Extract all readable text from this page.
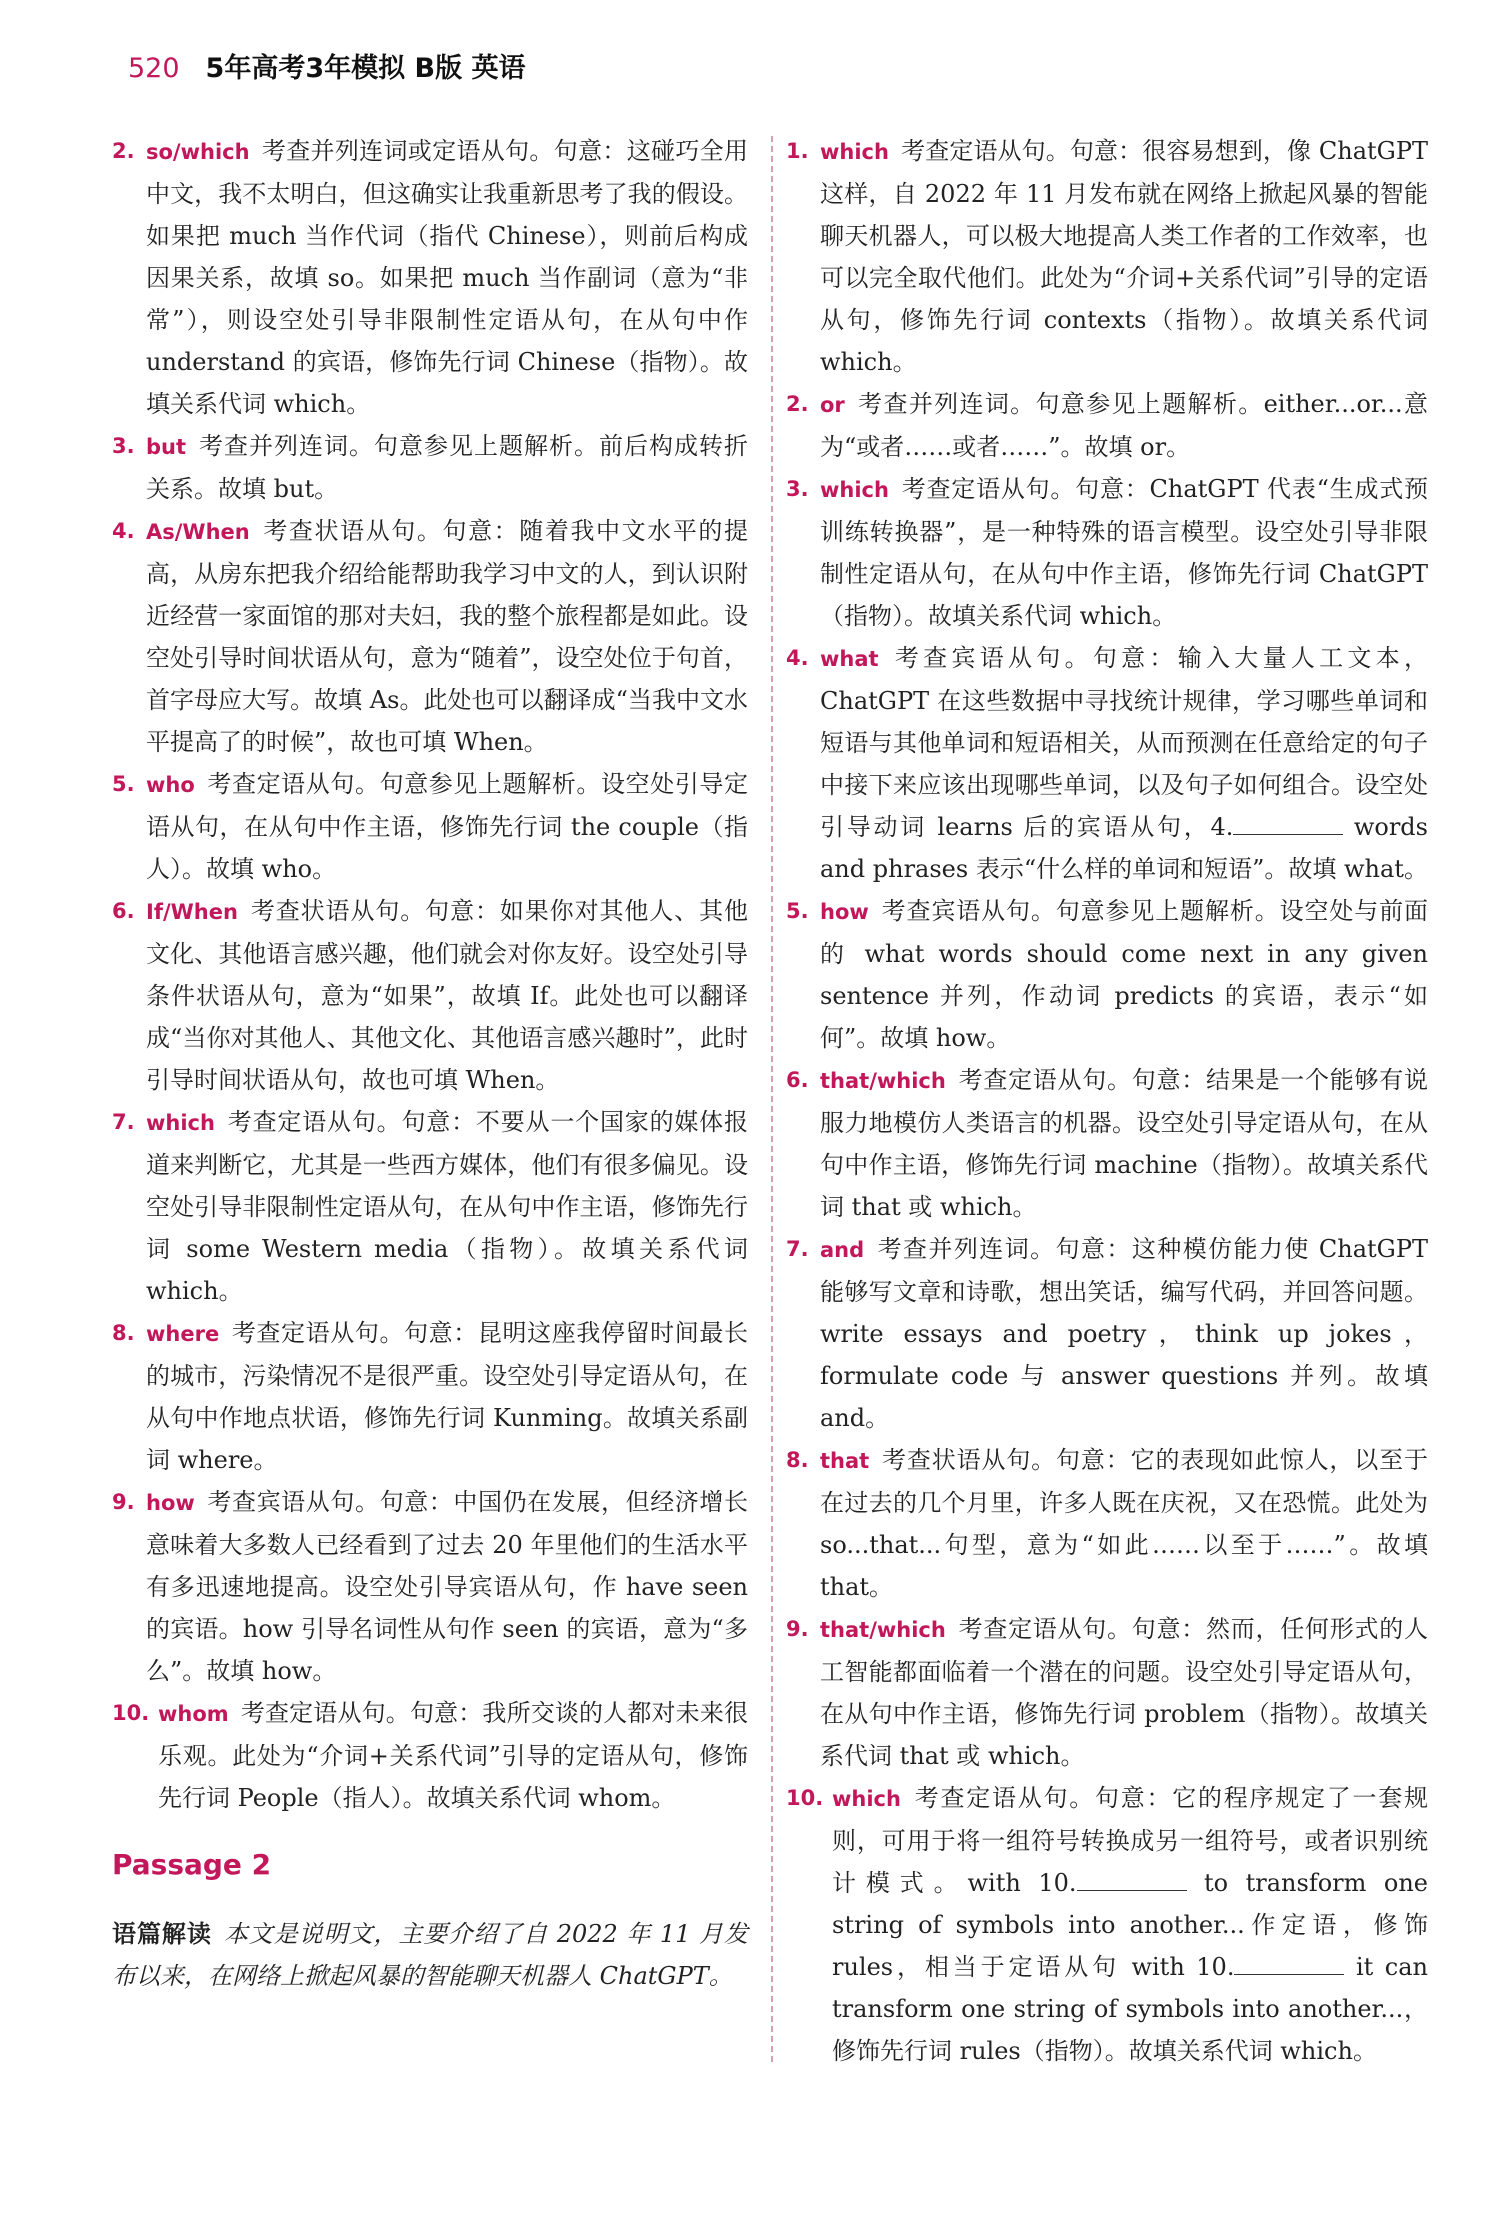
520 5年高考3年模拟 B版 英语

2. so/which 考查并列连词或定语从句。句意：这碰巧全用中文，我不太明白，但这确实让我重新思考了我的假设。如果把 much 当作代词（指代 Chinese），则前后构成因果关系，故填 so。如果把 much 当作副词（意为“非常”），则设空处引导非限制性定语从句，在从句中作 understand 的宾语，修饰先行词 Chinese（指物）。故填关系代词 which。

3. but 考查并列连词。句意参见上题解析。前后构成转折关系。故填 but。

4. As/When 考查状语从句。句意：随着我中文水平的提高，从房东把我介绍给能帮助我学习中文的人，到认识附近经营一家面馆的那对夫妇，我的整个旅程都是如此。设空处引导时间状语从句，意为“随着”，设空处位于句首，首字母应大写。故填 As。此处也可以翻译成“当我中文水平提高了的时候”，故也可填 When。

5. who 考查定语从句。句意参见上题解析。设空处引导定语从句，在从句中作主语，修饰先行词 the couple（指人）。故填 who。

6. If/When 考查状语从句。句意：如果你对其他人、其他文化、其他语言感兴趣，他们就会对你友好。设空处引导条件状语从句，意为“如果”，故填 If。此处也可以翻译成“当你对其他人、其他文化、其他语言感兴趣时”，此时引导时间状语从句，故也可填 When。

7. which 考查定语从句。句意：不要从一个国家的媒体报道来判断它，尤其是一些西方媒体，他们有很多偏见。设空处引导非限制性定语从句，在从句中作主语，修饰先行词 some Western media（指物）。故填关系代词 which。

8. where 考查定语从句。句意：昆明这座我停留时间最长的城市，污染情况不是很严重。设空处引导定语从句，在从句中作地点状语，修饰先行词 Kunming。故填关系副词 where。

9. how 考查宾语从句。句意：中国仍在发展，但经济增长意味着大多数人已经看到了过去 20 年里他们的生活水平有多迅速地提高。设空处引导宾语从句，作 have seen 的宾语。how 引导名词性从句作 seen 的宾语，意为“多么”。故填 how。

10. whom 考查定语从句。句意：我所交谈的人都对未来很乐观。此处为“介词+关系代词”引导的定语从句，修饰先行词 People（指人）。故填关系代词 whom。

Passage 2

语篇解读 本文是说明文，主要介绍了自 2022 年 11 月发布以来，在网络上掀起风暴的智能聊天机器人 ChatGPT。

1. which 考查定语从句。句意：很容易想到，像 ChatGPT 这样，自 2022 年 11 月发布就在网络上掀起风暴的智能聊天机器人，可以极大地提高人类工作者的工作效率，也可以完全取代他们。此处为“介词+关系代词”引导的定语从句，修饰先行词 contexts（指物）。故填关系代词 which。

2. or 考查并列连词。句意参见上题解析。either...or...意为“或者……或者……”。故填 or。

3. which 考查定语从句。句意：ChatGPT 代表“生成式预训练转换器”，是一种特殊的语言模型。设空处引导非限制性定语从句，在从句中作主语，修饰先行词 ChatGPT（指物）。故填关系代词 which。

4. what 考查宾语从句。句意：输入大量人工文本，ChatGPT 在这些数据中寻找统计规律，学习哪些单词和短语与其他单词和短语相关，从而预测在任意给定的句子中接下来应该出现哪些单词，以及句子如何组合。设空处引导动词 learns 后的宾语从句，4.	words and phrases 表示“什么样的单词和短语”。故填 what。

5. how 考查宾语从句。句意参见上题解析。设空处与前面的 what words should come next in any given sentence 并列，作动词 predicts 的宾语，表示“如何”。故填 how。

6. that/which 考查定语从句。句意：结果是一个能够有说服力地模仿人类语言的机器。设空处引导定语从句，在从句中作主语，修饰先行词 machine（指物）。故填关系代词 that 或 which。

7. and 考查并列连词。句意：这种模仿能力使 ChatGPT 能够写文章和诗歌，想出笑话，编写代码，并回答问题。write essays and poetry，think up jokes，formulate code 与 answer questions 并列。故填 and。

8. that 考查状语从句。句意：它的表现如此惊人，以至于在过去的几个月里，许多人既在庆祝，又在恐慌。此处为 so...that...句型，意为“如此……以至于……”。故填 that。

9. that/which 考查定语从句。句意：然而，任何形式的人工智能都面临着一个潜在的问题。设空处引导定语从句，在从句中作主语，修饰先行词 problem（指物）。故填关系代词 that 或 which。

10. which 考查定语从句。句意：它的程序规定了一套规则，可用于将一组符号转换成另一组符号，或者识别统计模式。with 10.	to transform one string of symbols into another...作定语，修饰 rules，相当于定语从句 with 10.	it can transform one string of symbols into another...，修饰先行词 rules（指物）。故填关系代词 which。
